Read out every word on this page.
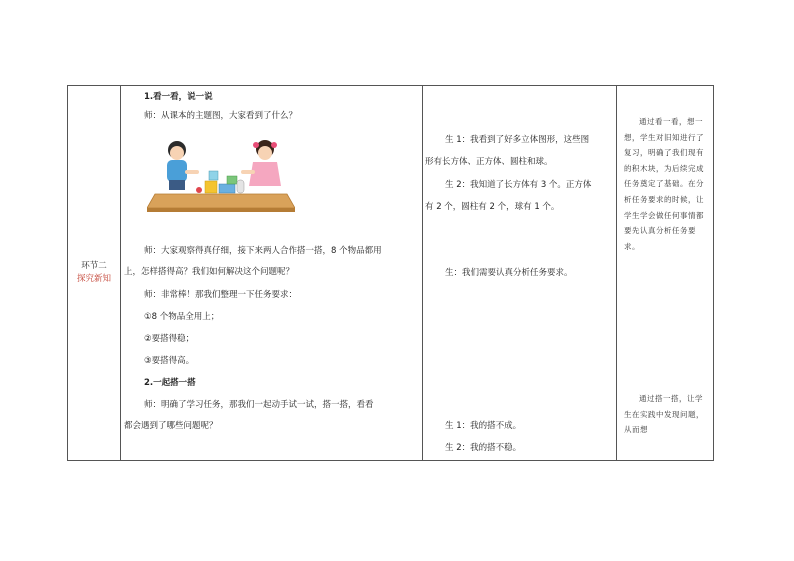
环节二
探究新知
1.看一看，说一说
师：从课本的主题图，大家看到了什么？
师：大家观察得真仔细，接下来两人合作搭一搭，8 个物品都用
上，怎样搭得高？我们如何解决这个问题呢？
师：非常棒！那我们整理一下任务要求：
①8 个物品全用上；
②要搭得稳；
③要搭得高。
2.一起搭一搭
师：明确了学习任务，那我们一起动手试一试，搭一搭，看看
都会遇到了哪些问题呢？
生 1：我看到了好多立体图形，这些图
形有长方体、正方体、圆柱和球。
生 2：我知道了长方体有 3 个。正方体
有 2 个，圆柱有 2 个，球有 1 个。
生：我们需要认真分析任务要求。
生 1：我的搭不成。
生 2：我的搭不稳。
通过看一看，想一想，学生对旧知进行了复习，明确了我们现有的积木块，为后续完成任务奠定了基础。在分析任务要求的时候，让学生学会做任何事情都要先认真分析任务要求。
通过搭一搭，让学生在实践中发现问题，从而想
